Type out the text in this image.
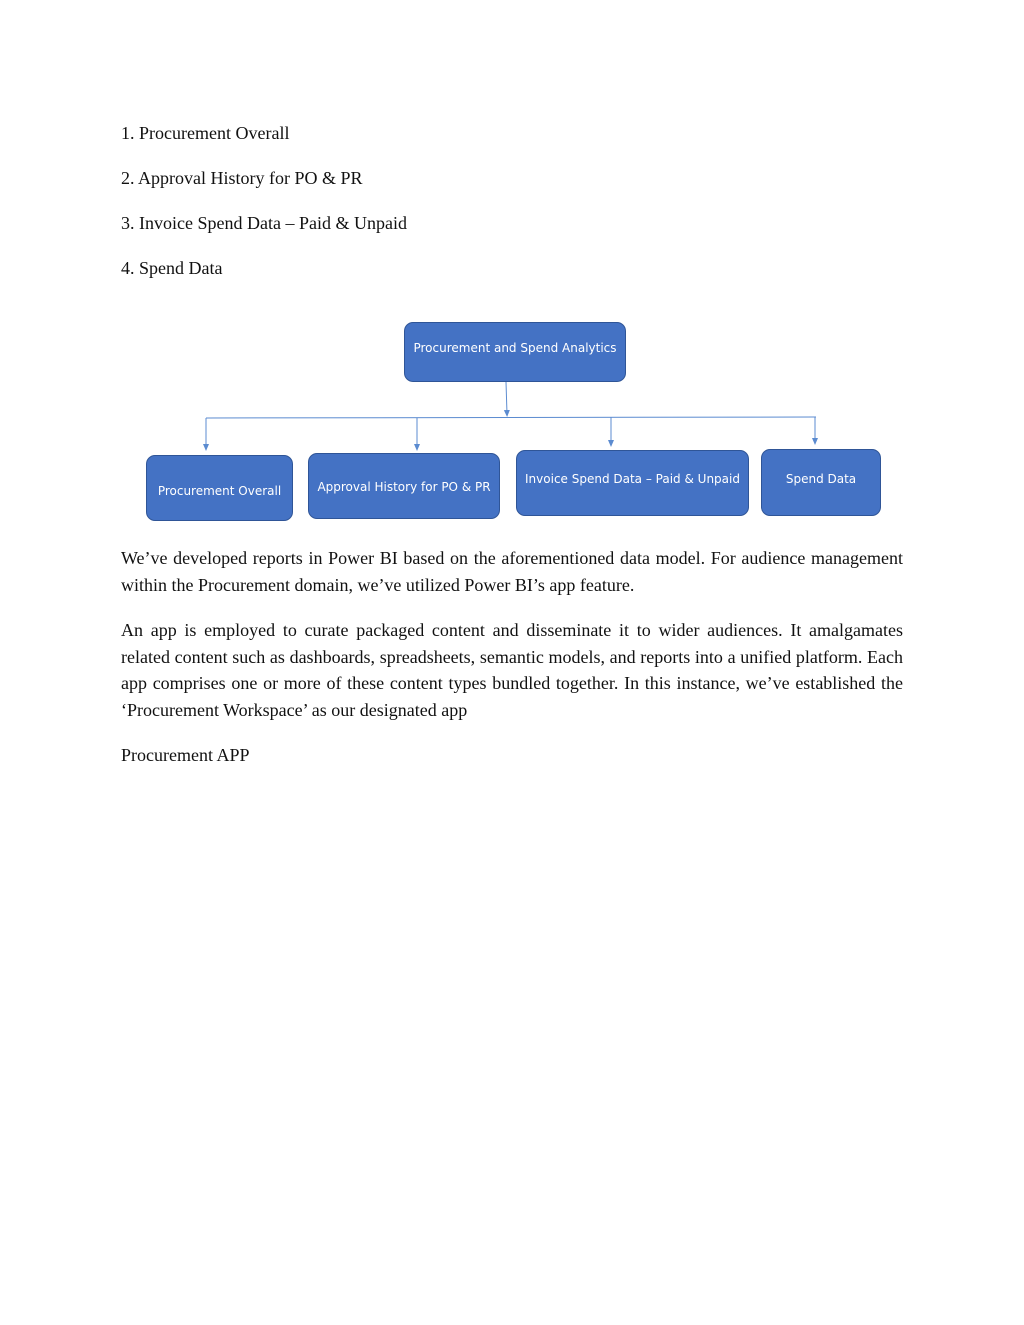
1. Procurement Overall
2. Approval History for PO & PR
3. Invoice Spend Data – Paid & Unpaid
4. Spend Data
Procurement and Spend Analytics
Procurement Overall	Approval History for PO & PR
Invoice Spend Data – Paid & Unpaid	Spend Data

We’ve developed reports in Power BI based on the aforementioned data model. For audience management within the Procurement domain, we’ve utilized Power BI’s app feature.

An app is employed to curate packaged content and disseminate it to wider audiences. It amalgamates related content such as dashboards, spreadsheets, semantic models, and reports into a unified platform. Each app comprises one or more of these content types bundled together. In this instance, we’ve established the ‘Procurement Workspace’ as our designated app

Procurement APP
